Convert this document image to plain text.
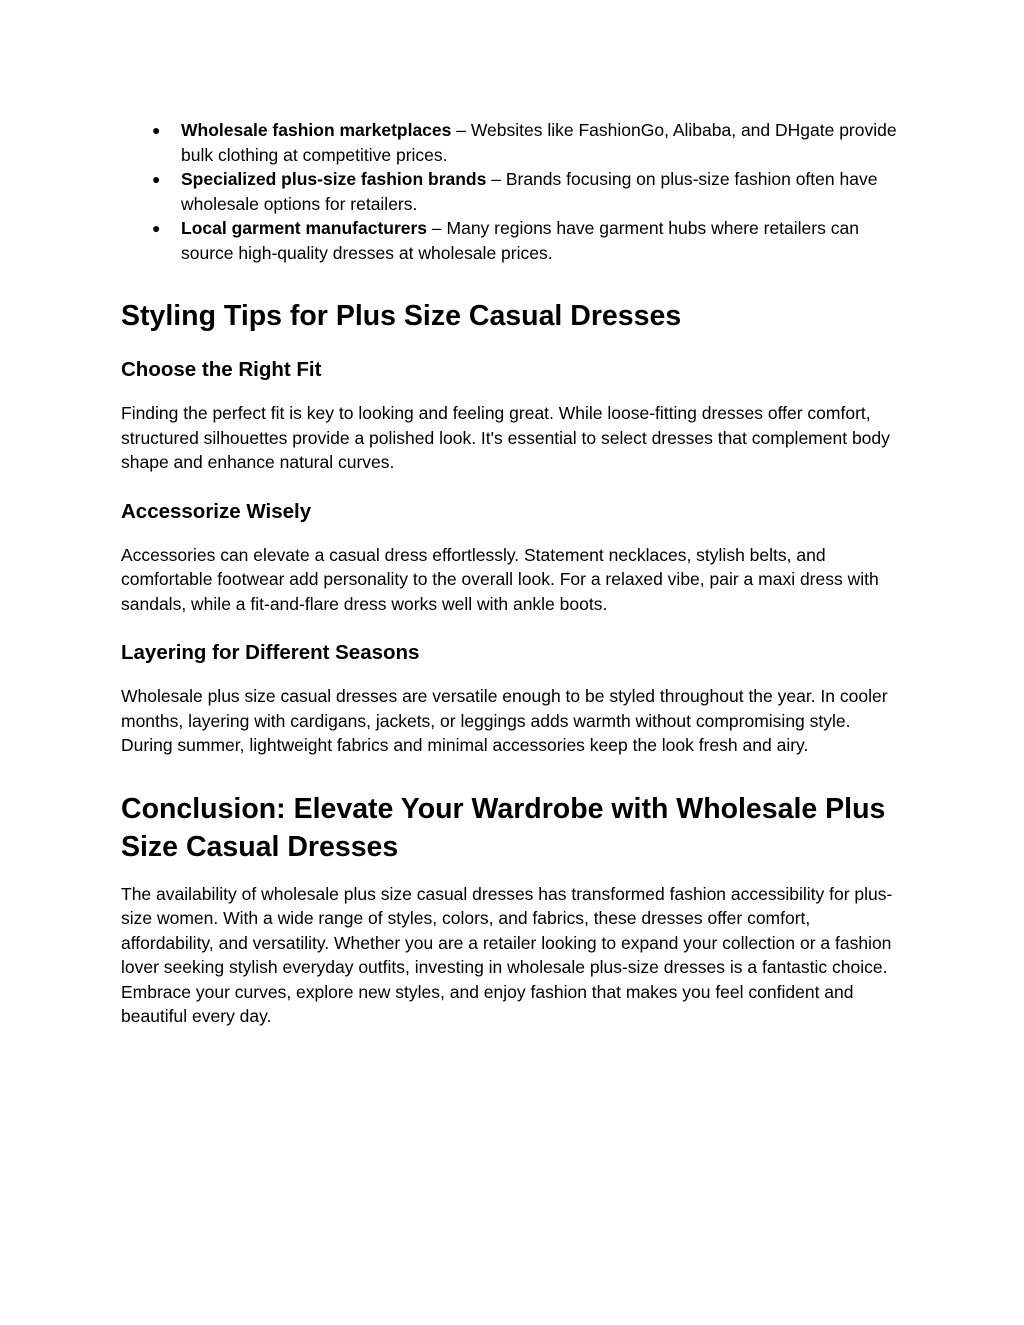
● Wholesale fashion marketplaces – Websites like FashionGo, Alibaba, and DHgate provide bulk clothing at competitive prices.
● Specialized plus-size fashion brands – Brands focusing on plus-size fashion often have wholesale options for retailers.
● Local garment manufacturers – Many regions have garment hubs where retailers can source high-quality dresses at wholesale prices.
Styling Tips for Plus Size Casual Dresses
Choose the Right Fit

Finding the perfect fit is key to looking and feeling great. While loose-fitting dresses offer comfort, structured silhouettes provide a polished look. It's essential to select dresses that complement body shape and enhance natural curves.

Accessorize Wisely

Accessories can elevate a casual dress effortlessly. Statement necklaces, stylish belts, and comfortable footwear add personality to the overall look. For a relaxed vibe, pair a maxi dress with sandals, while a fit-and-flare dress works well with ankle boots.

Layering for Different Seasons

Wholesale plus size casual dresses are versatile enough to be styled throughout the year. In cooler months, layering with cardigans, jackets, or leggings adds warmth without compromising style. During summer, lightweight fabrics and minimal accessories keep the look fresh and airy.

Conclusion: Elevate Your Wardrobe with Wholesale Plus Size Casual Dresses

The availability of wholesale plus size casual dresses has transformed fashion accessibility for plus-size women. With a wide range of styles, colors, and fabrics, these dresses offer comfort, affordability, and versatility. Whether you are a retailer looking to expand your collection or a fashion lover seeking stylish everyday outfits, investing in wholesale plus-size dresses is a fantastic choice. Embrace your curves, explore new styles, and enjoy fashion that makes you feel confident and beautiful every day.
